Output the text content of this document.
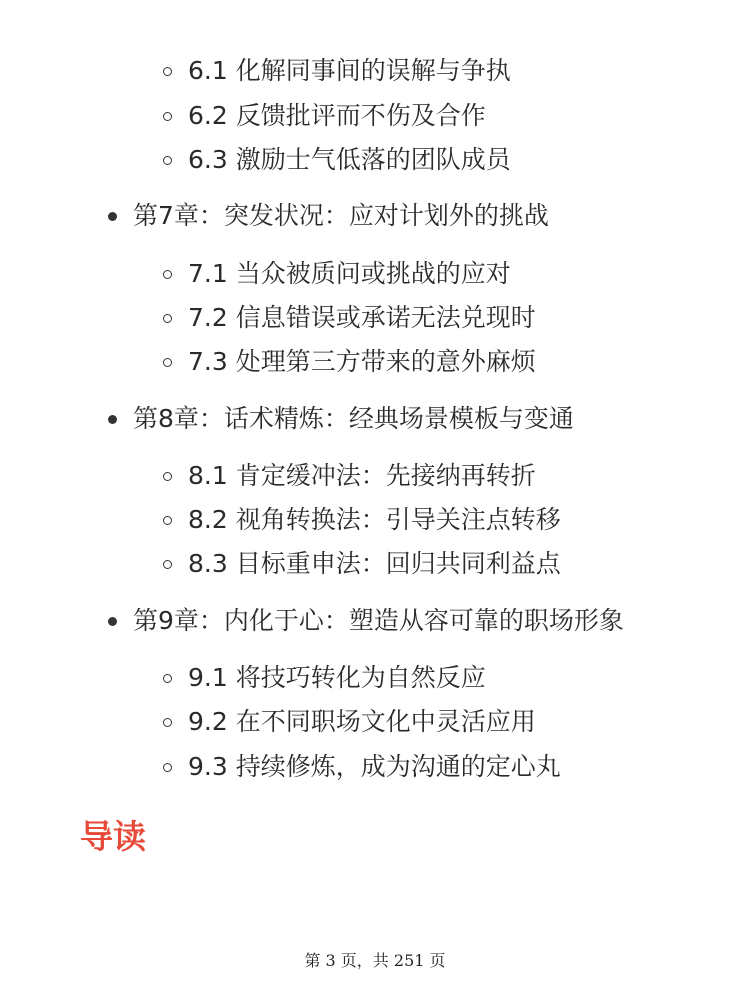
6.1 化解同事间的误解与争执
6.2 反馈批评而不伤及合作
6.3 激励士气低落的团队成员
第7章：突发状况：应对计划外的挑战
7.1 当众被质问或挑战的应对
7.2 信息错误或承诺无法兑现时
7.3 处理第三方带来的意外麻烦
第8章：话术精炼：经典场景模板与变通
8.1 肯定缓冲法：先接纳再转折
8.2 视角转换法：引导关注点转移
8.3 目标重申法：回归共同利益点
第9章：内化于心：塑造从容可靠的职场形象
9.1 将技巧转化为自然反应
9.2 在不同职场文化中灵活应用
9.3 持续修炼，成为沟通的定心丸
导读
第 3 页，共 251 页
